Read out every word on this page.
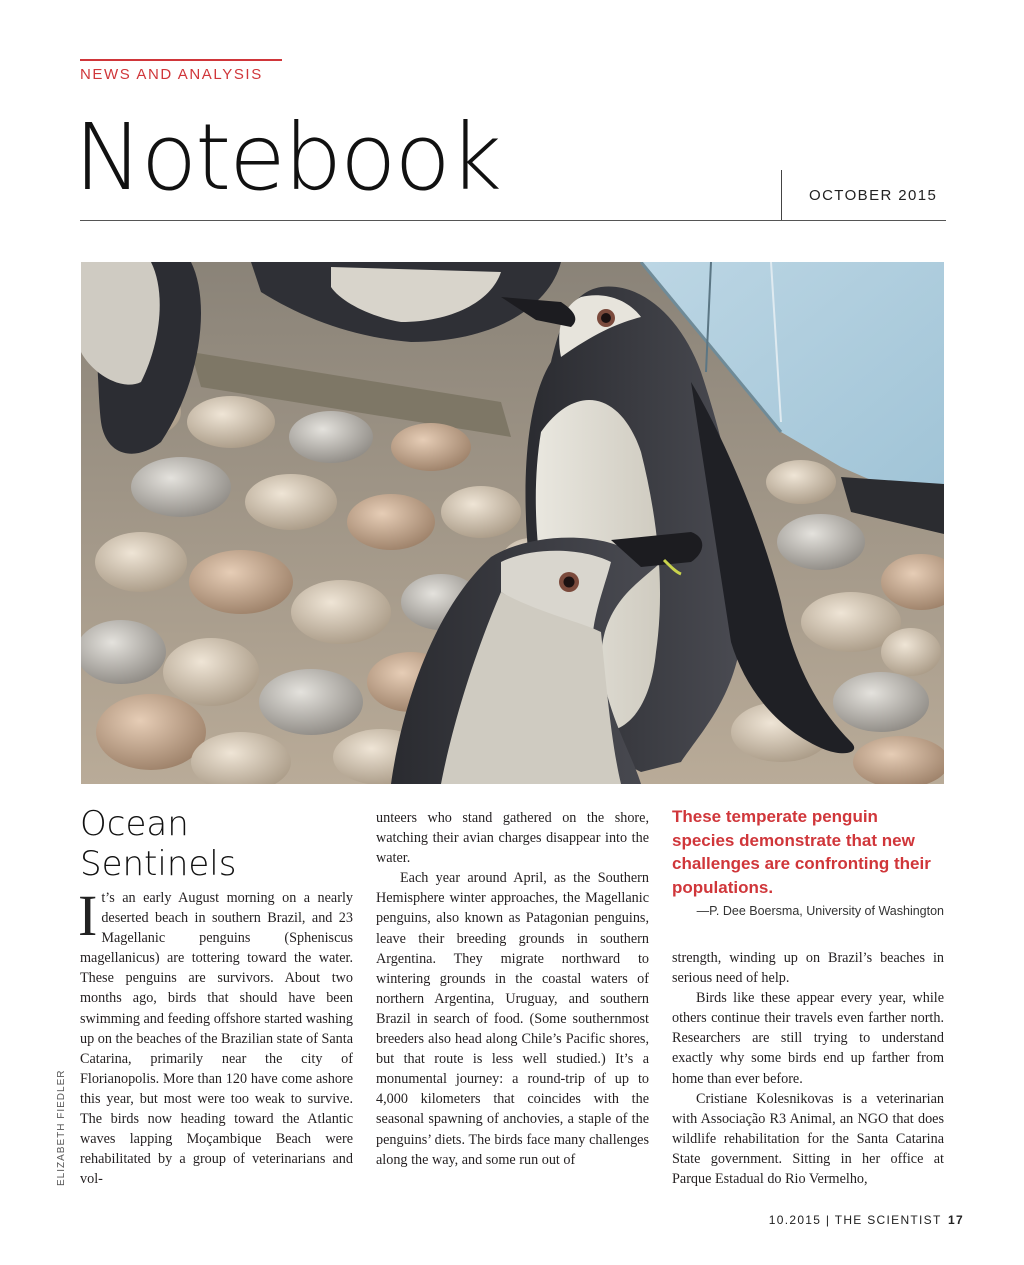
NEWS AND ANALYSIS
Notebook	OCTOBER 2015
ELIZABETH FIEDLER
Ocean
Sentinels
I t’s an early August morning on a nearly deserted beach in southern Brazil, and 23 Magellanic penguins (Spheniscus magellanicus) are tottering toward the water. These penguins are survivors. About two months ago, birds that should have been swimming and feeding offshore started washing up on the beaches of the Brazilian state of Santa Catarina, primarily near the city of Florianopolis. More than 120 have come ashore this year, but most were too weak to survive. The birds now heading toward the Atlantic waves lapping Moçambique Beach were rehabilitated by a group of veterinarians and vol-

unteers who stand gathered on the shore, watching their avian charges disappear into the water.

Each year around April, as the Southern Hemisphere winter approaches, the Magellanic penguins, also known as Patagonian penguins, leave their breeding grounds in southern Argentina. They migrate northward to wintering grounds in the coastal waters of northern Argentina, Uruguay, and southern Brazil in search of food. (Some southernmost breeders also head along Chile’s Pacific shores, but that route is less well studied.) It’s a monumental journey: a round-trip of up to 4,000 kilometers that coincides with the seasonal spawning of anchovies, a staple of the penguins’ diets. The birds face many challenges along the way, and some run out of

These temperate penguin species demonstrate that new challenges are confronting their populations.

—P. Dee Boersma, University of Washington

strength, winding up on Brazil’s beaches in serious need of help.

Birds like these appear every year, while others continue their travels even farther north. Researchers are still trying to understand exactly why some birds end up farther from home than ever before.

Cristiane Kolesnikovas is a veterinarian with Associação R3 Animal, an NGO that does wildlife rehabilitation for the Santa Catarina State government. Sitting in her office at Parque Estadual do Rio Vermelho,

10.2015 | THE SCIENTIST 17
